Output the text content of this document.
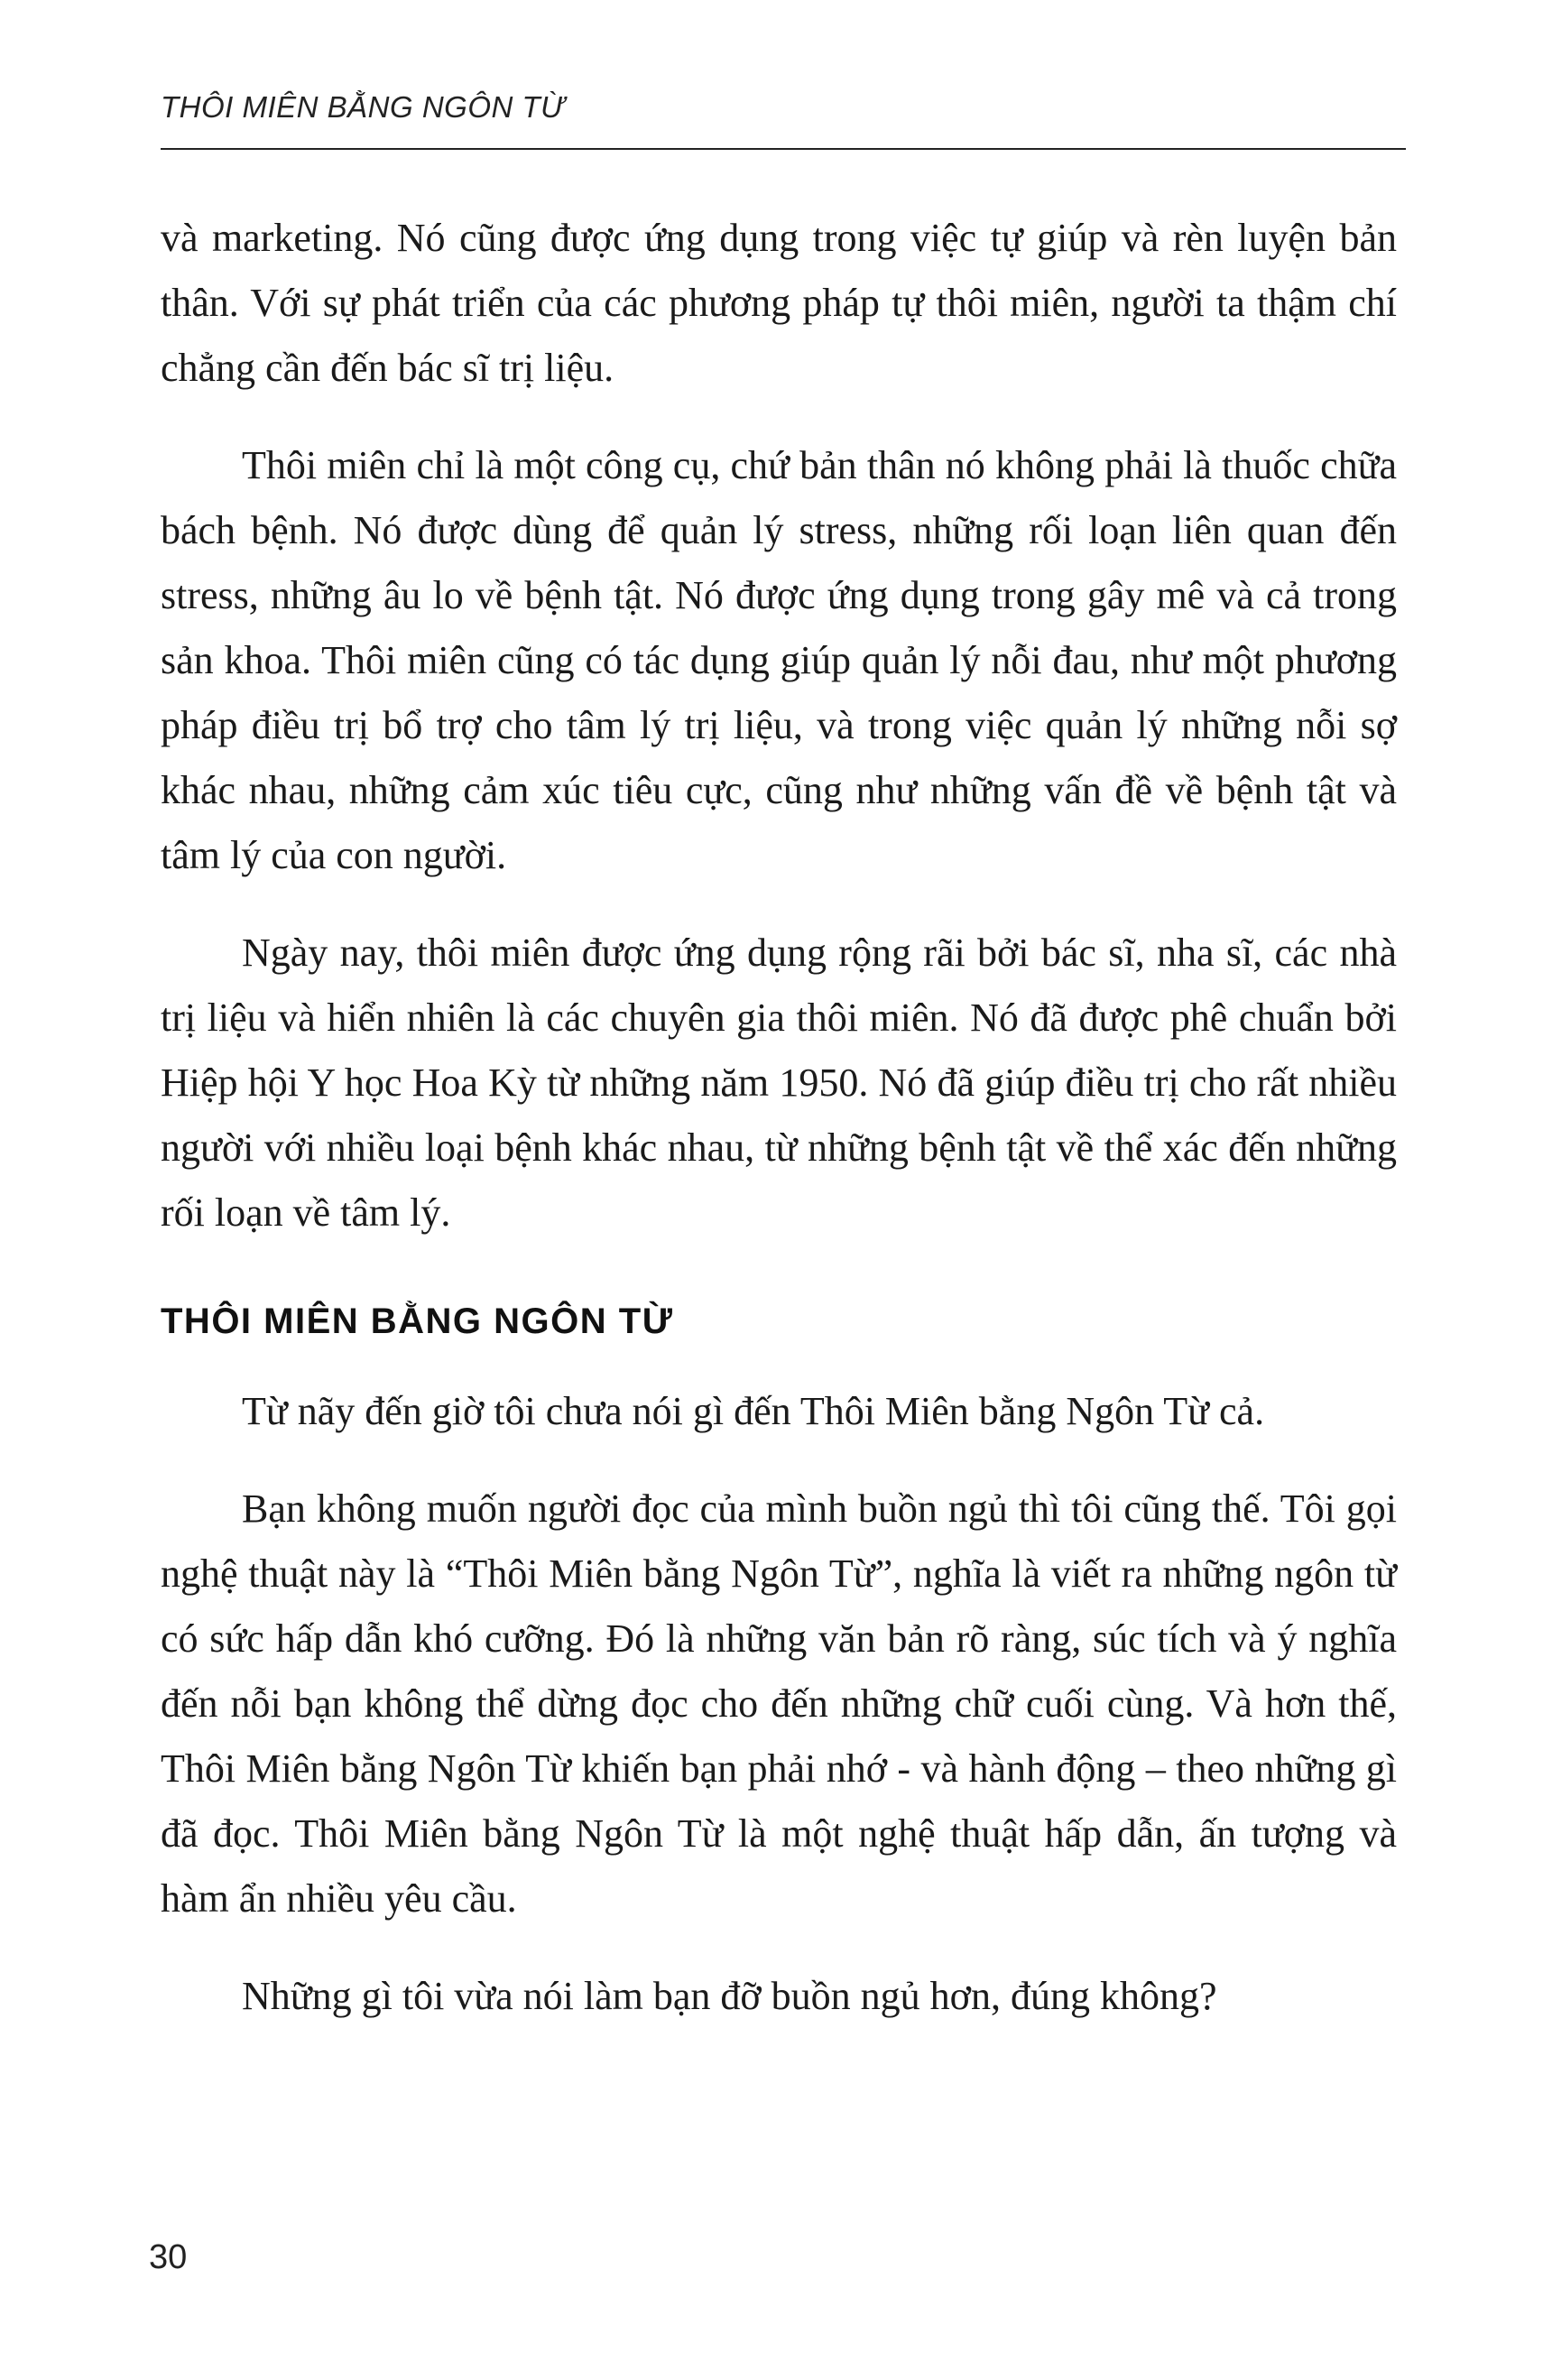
THÔI MIÊN BẰNG NGÔN TỪ

và marketing. Nó cũng được ứng dụng trong việc tự giúp và rèn luyện bản thân. Với sự phát triển của các phương pháp tự thôi miên, người ta thậm chí chẳng cần đến bác sĩ trị liệu.

Thôi miên chỉ là một công cụ, chứ bản thân nó không phải là thuốc chữa bách bệnh. Nó được dùng để quản lý stress, những rối loạn liên quan đến stress, những âu lo về bệnh tật. Nó được ứng dụng trong gây mê và cả trong sản khoa. Thôi miên cũng có tác dụng giúp quản lý nỗi đau, như một phương pháp điều trị bổ trợ cho tâm lý trị liệu, và trong việc quản lý những nỗi sợ khác nhau, những cảm xúc tiêu cực, cũng như những vấn đề về bệnh tật và tâm lý của con người.

Ngày nay, thôi miên được ứng dụng rộng rãi bởi bác sĩ, nha sĩ, các nhà trị liệu và hiển nhiên là các chuyên gia thôi miên. Nó đã được phê chuẩn bởi Hiệp hội Y học Hoa Kỳ từ những năm 1950. Nó đã giúp điều trị cho rất nhiều người với nhiều loại bệnh khác nhau, từ những bệnh tật về thể xác đến những rối loạn về tâm lý.

THÔI MIÊN BẰNG NGÔN TỪ

Từ nãy đến giờ tôi chưa nói gì đến Thôi Miên bằng Ngôn Từ cả.

Bạn không muốn người đọc của mình buồn ngủ thì tôi cũng thế. Tôi gọi nghệ thuật này là “Thôi Miên bằng Ngôn Từ”, nghĩa là viết ra những ngôn từ có sức hấp dẫn khó cưỡng. Đó là những văn bản rõ ràng, súc tích và ý nghĩa đến nỗi bạn không thể dừng đọc cho đến những chữ cuối cùng. Và hơn thế, Thôi Miên bằng Ngôn Từ khiến bạn phải nhớ - và hành động – theo những gì đã đọc. Thôi Miên bằng Ngôn Từ là một nghệ thuật hấp dẫn, ấn tượng và hàm ẩn nhiều yêu cầu.

Những gì tôi vừa nói làm bạn đỡ buồn ngủ hơn, đúng không?

30
